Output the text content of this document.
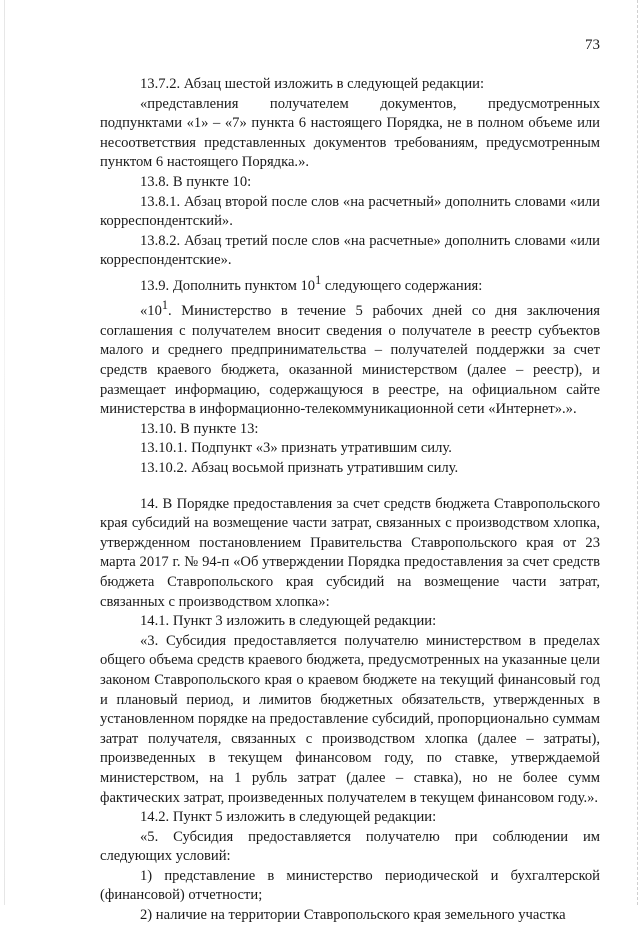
73

13.7.2. Абзац шестой изложить в следующей редакции:

«представления получателем документов, предусмотренных подпунктами «1» – «7» пункта 6 настоящего Порядка, не в полном объеме или несоответствия представленных документов требованиям, предусмотренным пунктом 6 настоящего Порядка.».

13.8. В пункте 10:

13.8.1. Абзац второй после слов «на расчетный» дополнить словами «или корреспондентский».

13.8.2. Абзац третий после слов «на расчетные» дополнить словами «или корреспондентские».

13.9. Дополнить пунктом $10^1$ следующего содержания:

«$10^1$. Министерство в течение 5 рабочих дней со дня заключения соглашения с получателем вносит сведения о получателе в реестр субъектов малого и среднего предпринимательства – получателей поддержки за счет средств краевого бюджета, оказанной министерством (далее – реестр), и размещает информацию, содержащуюся в реестре, на официальном сайте министерства в информационно-телекоммуникационной сети «Интернет».».

13.10. В пункте 13:

13.10.1. Подпункт «3» признать утратившим силу.

13.10.2. Абзац восьмой признать утратившим силу.

14. В Порядке предоставления за счет средств бюджета Ставропольского края субсидий на возмещение части затрат, связанных с производством хлопка, утвержденном постановлением Правительства Ставропольского края от 23 марта 2017 г. № 94-п «Об утверждении Порядка предоставления за счет средств бюджета Ставропольского края субсидий на возмещение части затрат, связанных с производством хлопка»:

14.1. Пункт 3 изложить в следующей редакции:

«3. Субсидия предоставляется получателю министерством в пределах общего объема средств краевого бюджета, предусмотренных на указанные цели законом Ставропольского края о краевом бюджете на текущий финансовый год и плановый период, и лимитов бюджетных обязательств, утвержденных в установленном порядке на предоставление субсидий, пропорционально суммам затрат получателя, связанных с производством хлопка (далее – затраты), произведенных в текущем финансовом году, по ставке, утверждаемой министерством, на 1 рубль затрат (далее – ставка), но не более сумм фактических затрат, произведенных получателем в текущем финансовом году.».

14.2. Пункт 5 изложить в следующей редакции:

«5. Субсидия предоставляется получателю при соблюдении им следующих условий:

1) представление в министерство периодической и бухгалтерской (финансовой) отчетности;

2) наличие на территории Ставропольского края земельного участка
